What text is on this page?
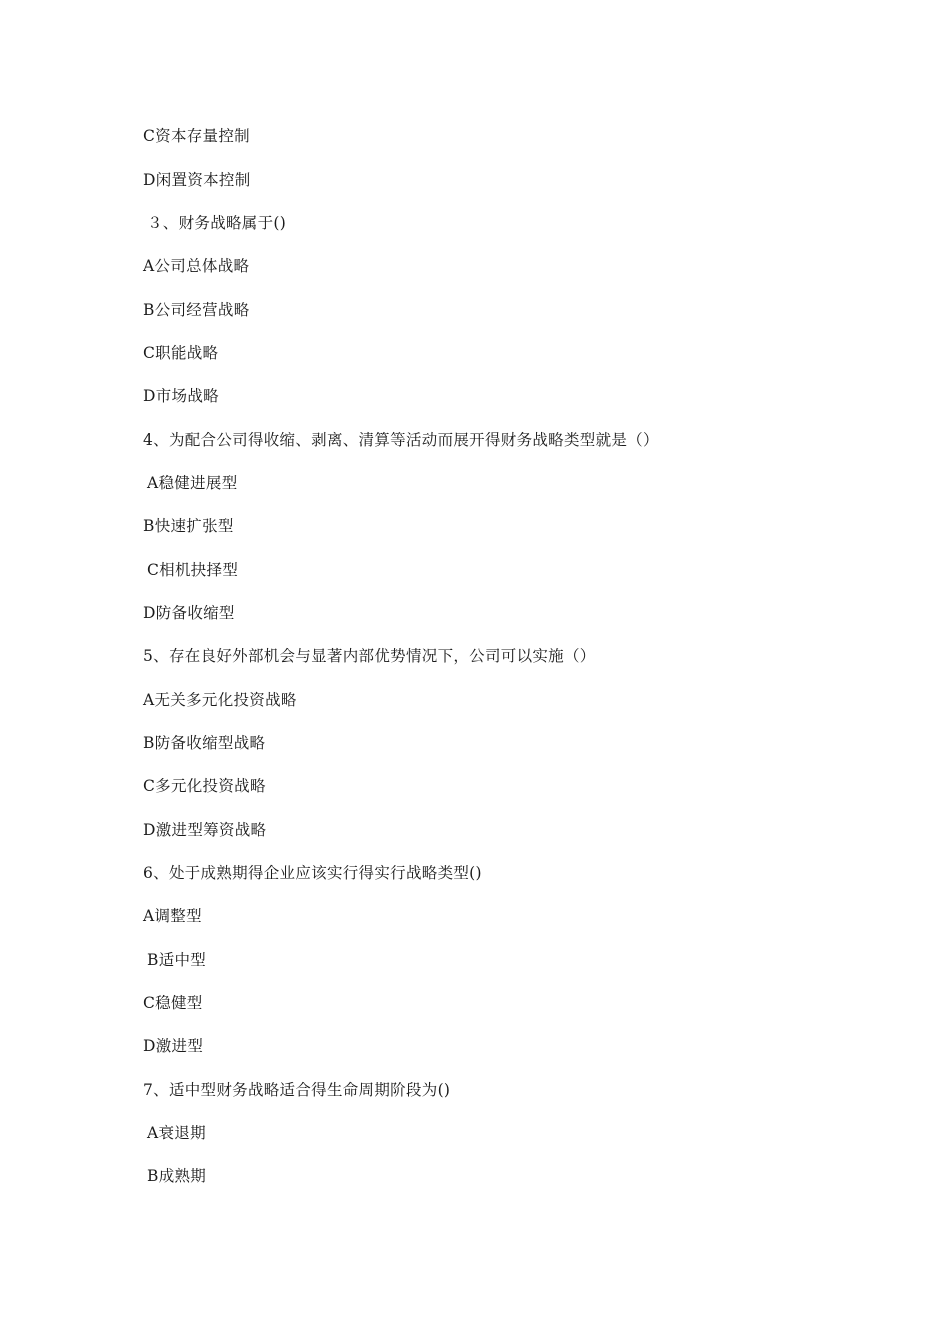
C资本存量控制
D闲置资本控制
３、财务战略属于()
A公司总体战略
B公司经营战略
C职能战略
D市场战略
4、为配合公司得收缩、剥离、清算等活动而展开得财务战略类型就是（）
A稳健进展型
B快速扩张型
C相机抉择型
D防备收缩型
5、存在良好外部机会与显著内部优势情况下，公司可以实施（）
A无关多元化投资战略
B防备收缩型战略
C多元化投资战略
D激进型筹资战略
6、处于成熟期得企业应该实行得实行战略类型()
A调整型
B适中型
C稳健型
D激进型
7、适中型财务战略适合得生命周期阶段为()
A衰退期
B成熟期
